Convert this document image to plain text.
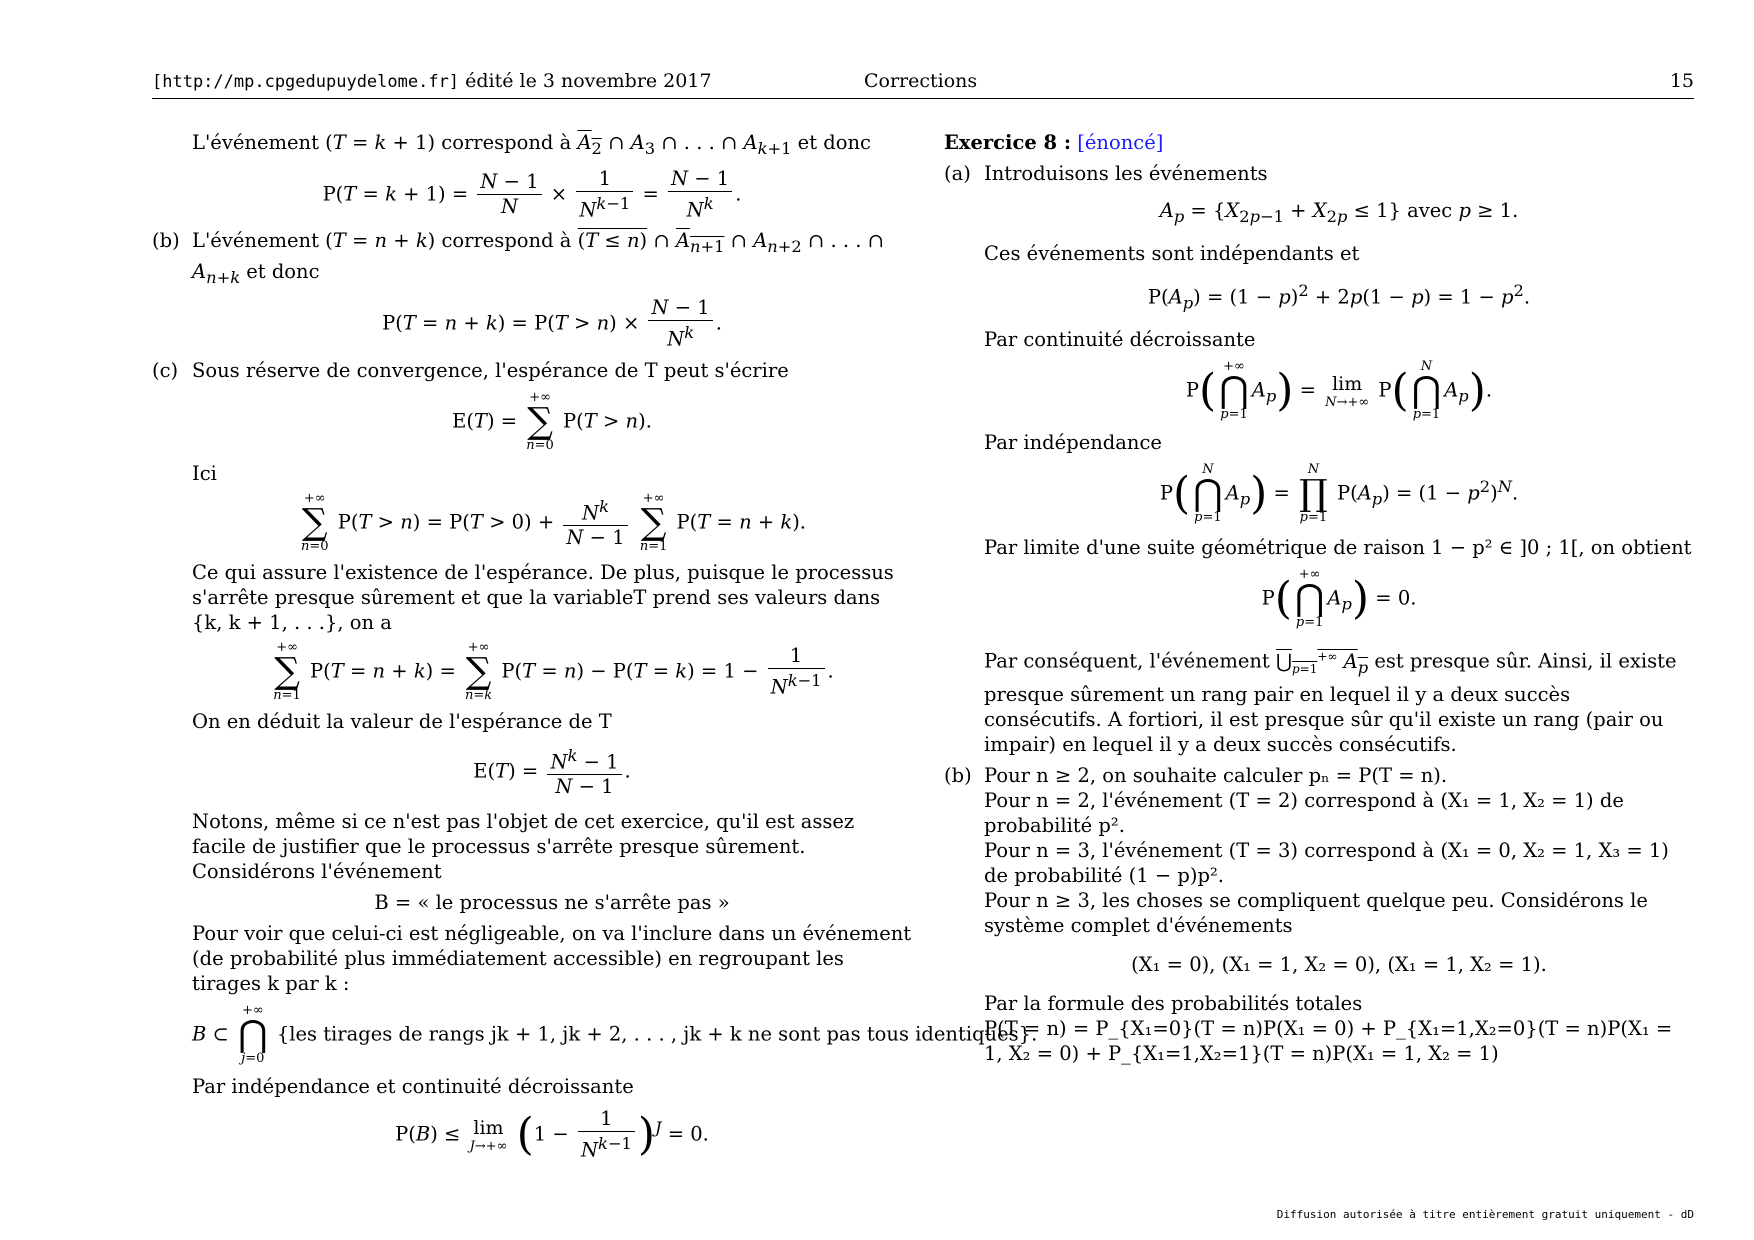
[http://mp.cpgedupuydelome.fr] édité le 3 novembre 2017	Corrections	15

L'événement (T = k + 1) correspond à $A_2$ ∩ $A_3$ ∩ . . . ∩ $A_{k+1}$ et donc

$P(T = k + 1) = \frac{N - 1}{N} \times \frac{1}{N^{k-1}} = \frac{N - 1}{N^k}$ .
(b) L'événement (T = n + k) correspond à (T ≤ n) ∩ $A_{n+1}$ ∩ $A_{n+2}$ ∩ . . . ∩ $A_{n+k}$ et donc

$P(T = n + k) = P(T > n) \times \frac{N - 1}{N^k}$ .
(c) Sous réserve de convergence, l'espérance de T peut s'écrire

E(T) =
+∞
∑
n=0
P(T > n).

Ici

+∞
∑
n=0
$P(T > n) = P(T > 0) + \frac{N^k}{N - 1}$
+∞
∑
n=1
P(T = n + k).

Ce qui assure l'existence de l'espérance. De plus, puisque le processus s'arrête presque sûrement et que la variableT prend ses valeurs dans {k, k + 1, . . .}, on a

+∞
∑
n=1
P(T = n + k) =
+∞
∑
n=k
$P(T = n) - P(T = k) = 1 - \frac{1}{N^{k-1}}$ .

On en déduit la valeur de l'espérance de T

$E(T) = \frac{N^k - 1}{N - 1}$ .

Notons, même si ce n'est pas l'objet de cet exercice, qu'il est assez facile de justifier que le processus s'arrête presque sûrement. Considérons l'événement

B = « le processus ne s'arrête pas »

Pour voir que celui-ci est négligeable, on va l'inclure dans un événement (de probabilité plus immédiatement accessible) en regroupant les tirages k par k :

B ⊂
+∞
⋂
j=0
{les tirages de rangs jk + 1, jk + 2, . . . , jk + k ne sont pas tous identiques}.

Par indépendance et continuité décroissante

P(B) ≤ lim
J→+∞ $(1 - \frac{1}{N^{k-1}} )^J = 0$.

Exercice 8 : [énoncé]

(a) Introduisons les événements

$A_p = \{X_{2p-1} + X_{2p} \le 1\}$ avec p ≥ 1.

Ces événements sont indépendants et

$P(A_p) = (1 - p)^2 + 2p(1 - p) = 1 - p^2$.

Par continuité décroissante

P( +∞
⋂
p=1
$A_p) = \lim$
N→+∞
P( N
⋂
p=1
$A_p$).

Par indépendance

P( N
⋂
p=1
$A_p$) =
N
∏
p=1
$P(A_p) = (1 - p^2)^N$.

Par limite d'une suite géométrique de raison 1 − p² ∈ ]0 ; 1[, on obtient

P( +∞
⋂
p=1
$A_p) = 0$.

Par conséquent, l'événement $⋃_{p=1}^{+\infty}$ $A_p$ est presque sûr. Ainsi, il existe presque sûrement un rang pair en lequel il y a deux succès consécutifs. A fortiori, il est presque sûr qu'il existe un rang (pair ou impair) en lequel il y a deux succès consécutifs.

(b) Pour n ≥ 2, on souhaite calculer pₙ = P(T = n).

Pour n = 2, l'événement (T = 2) correspond à (X₁ = 1, X₂ = 1) de probabilité p².

Pour n = 3, l'événement (T = 3) correspond à (X₁ = 0, X₂ = 1, X₃ = 1) de probabilité (1 − p)p².

Pour n ≥ 3, les choses se compliquent quelque peu. Considérons le système complet d'événements

(X₁ = 0), (X₁ = 1, X₂ = 0), (X₁ = 1, X₂ = 1).

Par la formule des probabilités totales

P(T = n) = P_{X₁=0}(T = n)P(X₁ = 0) + P_{X₁=1,X₂=0}(T = n)P(X₁ = 1, X₂ = 0) + P_{X₁=1,X₂=1}(T = n)P(X₁ = 1, X₂ = 1)

Diffusion autorisée à titre entièrement gratuit uniquement - dD
